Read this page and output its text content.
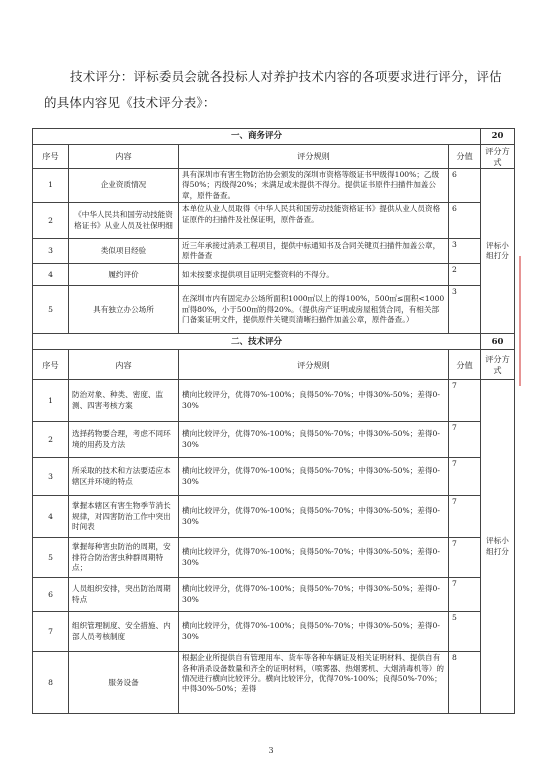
技术评分：评标委员会就各投标人对养护技术内容的各项要求进行评分，评估的具体内容见《技术评分表》：

一、商务评分				20
序号	内容	评分规则	分值	评分方式
1	企业资质情况	具有深圳市有害生物防治协会颁发的深圳市资格等级证书甲级得100%；乙级得50%；丙级得20%；未满足或未提供不得分。提供证书原件扫描件加盖公章，原件备查。	6	评标小组打分
2	《中华人民共和国劳动技能资格证书》从业人员及社保明细	本单位从业人员取得《中华人民共和国劳动技能资格证书》提供从业人员资格证原件的扫描件及社保证明，原件备查。	6	
3	类似项目经验	近三年承接过消杀工程项目，提供中标通知书及合同关键页扫描件加盖公章，原件备查	3	
4	履约评价	如未按要求提供项目证明完整资料的不得分。	2	
5	具有独立办公场所	在深圳市内有固定办公场所面积1000㎡以上的得100%，500㎡≤面积<1000㎡得80%，小于500㎡的得20%。（提供房产证明或房屋租赁合同，有相关部门备案证明文件，提供原件关键页清晰扫描件加盖公章，原件备查。）	3	
二、技术评分				60
序号	内容	评分规则	分值	评分方式
1	防治对象、种类、密度、监测、四害考核方案	横向比较评分，优得70%-100%；良得50%-70%；中得30%-50%；差得0-30%	7	评标小组打分
2	选择药物要合理，考虑不同环境的用药及方法	横向比较评分，优得70%-100%；良得50%-70%；中得30%-50%；差得0-30%	7	
3	所采取的技术和方法要适应本辖区并环境的特点	横向比较评分，优得70%-100%；良得50%-70%；中得30%-50%；差得0-30%	7	
4	掌握本辖区有害生物季节消长规律，对四害防治工作中突出时间表	横向比较评分，优得70%-100%；良得50%-70%；中得30%-50%；差得0-30%	7	
5	掌握每种害虫防治的周期，安排符合防治害虫种群周期特点；	横向比较评分，优得70%-100%；良得50%-70%；中得30%-50%；差得0-30%	7	
6	人员组织安排，突出防治周期特点	横向比较评分，优得70%-100%；良得50%-70%；中得30%-50%；差得0-30%	7	
7	组织管理制度、安全措施、内部人员考核制度	横向比较评分，优得70%-100%；良得50%-70%；中得30%-50%；差得0-30%	5	
8	服务设备	根据企业所提供自有管理用车、货车等各种车辆证及相关证明材料、提供自有各种消杀设备数量和齐全的证明材料，（喷雾器、热烟雾机、大烟消毒机等）的情况进行横向比较评分。横向比较评分，优得70%-100%；良得50%-70%；中得30%-50%；差得	8	
3
